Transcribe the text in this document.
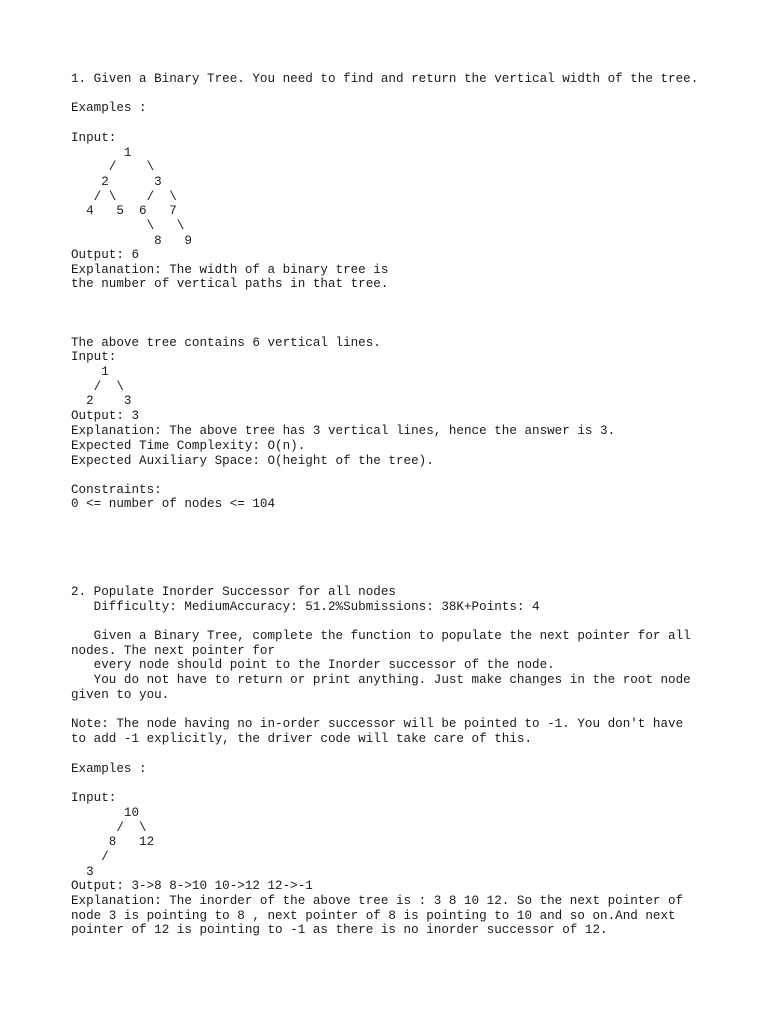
1. Given a Binary Tree. You need to find and return the vertical width of the tree.

Examples :

Input:

1

/    \

2      3

/ \    /  \

4   5  6   7

\   \

8   9

Output: 6

Explanation: The width of a binary tree is

the number of vertical paths in that tree.

The above tree contains 6 vertical lines.

Input:

1

/  \

2    3

Output: 3

Explanation: The above tree has 3 vertical lines, hence the answer is 3.

Expected Time Complexity: O(n).

Expected Auxiliary Space: O(height of the tree).

Constraints:

0 <= number of nodes <= 104

2. Populate Inorder Successor for all nodes

Difficulty: MediumAccuracy: 51.2%Submissions: 38K+Points: 4

Given a Binary Tree, complete the function to populate the next pointer for all

nodes. The next pointer for

every node should point to the Inorder successor of the node.

You do not have to return or print anything. Just make changes in the root node

given to you.

Note: The node having no in-order successor will be pointed to -1. You don't have

to add -1 explicitly, the driver code will take care of this.

Examples :

Input:

10

/  \

8   12

/

3

Output: 3->8 8->10 10->12 12->-1

Explanation: The inorder of the above tree is : 3 8 10 12. So the next pointer of

node 3 is pointing to 8 , next pointer of 8 is pointing to 10 and so on.And next

pointer of 12 is pointing to -1 as there is no inorder successor of 12.
